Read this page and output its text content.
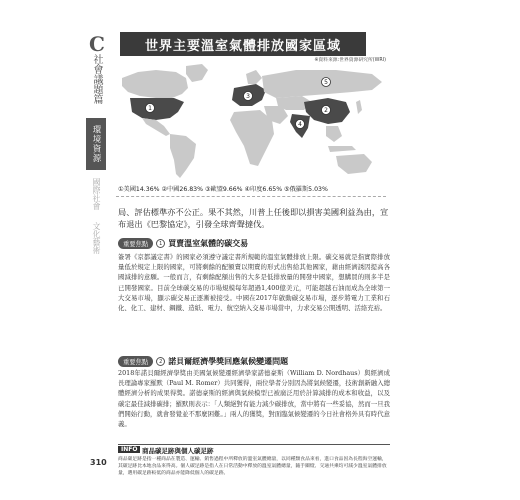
C
社會議題篇
環境資源
國際社會
文化藝術
世界主要溫室氣體排放國家區域
※資料來源:世界資源研究所(WRI)
1	2
3
4
5
①美國14.36% ②中國26.83% ③歐盟9.66% ④印度6.65% ⑤俄羅斯5.03%
局、評估標準亦不公正。果不其然，川普上任後即以損害美國利益為由，宣布退出《巴黎協定》，引發全球齊聲撻伐。
重要焦點	1 買賣溫室氣體的碳交易
簽署《京都議定書》的國家必須遵守議定書所規範的溫室氣體排放上限。碳交易就是指實際排放量低於規定上限的國家，可將剩餘的配額賣以期賣的形式出售給其他國家，藉由經濟誘因提高各國減排的意願。一般而言，有剩餘配額出售的大多是低排放量的開發中國家，想購買的則多半是已開發國家。目前全球碳交易的市場規模每年超過1,400億美元，可能超越石油而成為全球第一大交易市場，顯示碳交易正逐漸被接受。中國在2017年啟動碳交易市場，逐步將電力工業和石化、化工、建材、鋼鐵、造紙、電力、航空納入交易市場當中，力求交易公開透明、活絡充裕。
重要焦點	2 諾貝爾經濟學獎回應氣候變遷問題
2018年諾貝爾經濟學獎由美國氣候變遷經濟學家諾德豪斯（William D. Nordhaus）與經濟成長理論專家羅默（Paul M. Romer）共同獲得，兩位學者分別因為將氣候變遷，技術創新融入總體經濟分析的成果得獎。諾德豪斯的經濟與氣候模型已被廣泛用於計算減排的成本和收益，以及碳定最佳減排碳排；羅默則表示：「人類絕對有能力減少碳排放，當中將有一些妥協，然而一旦我們開始行動，就會發覺並不那麼困難。」兩人的獲獎，對面臨氣候變遷的今日社會格外具有時代意義。
INFO 商品碳足跡與個人碳足跡
商品碳足跡是指一種商品在製造、運輸、銷售過程中所釋放的溫室氣體總量，以同種類食品來看，進口食品因為長程海空運輸，其碳足跡比本地食品來得高。個人碳足跡是指人在日常活動中釋放的溫室氣體總量，隨手關燈、交通共乘均可減少溫室氣體排放量，選用碳足跡較低的商品亦能降低個人的碳足跡。
310
